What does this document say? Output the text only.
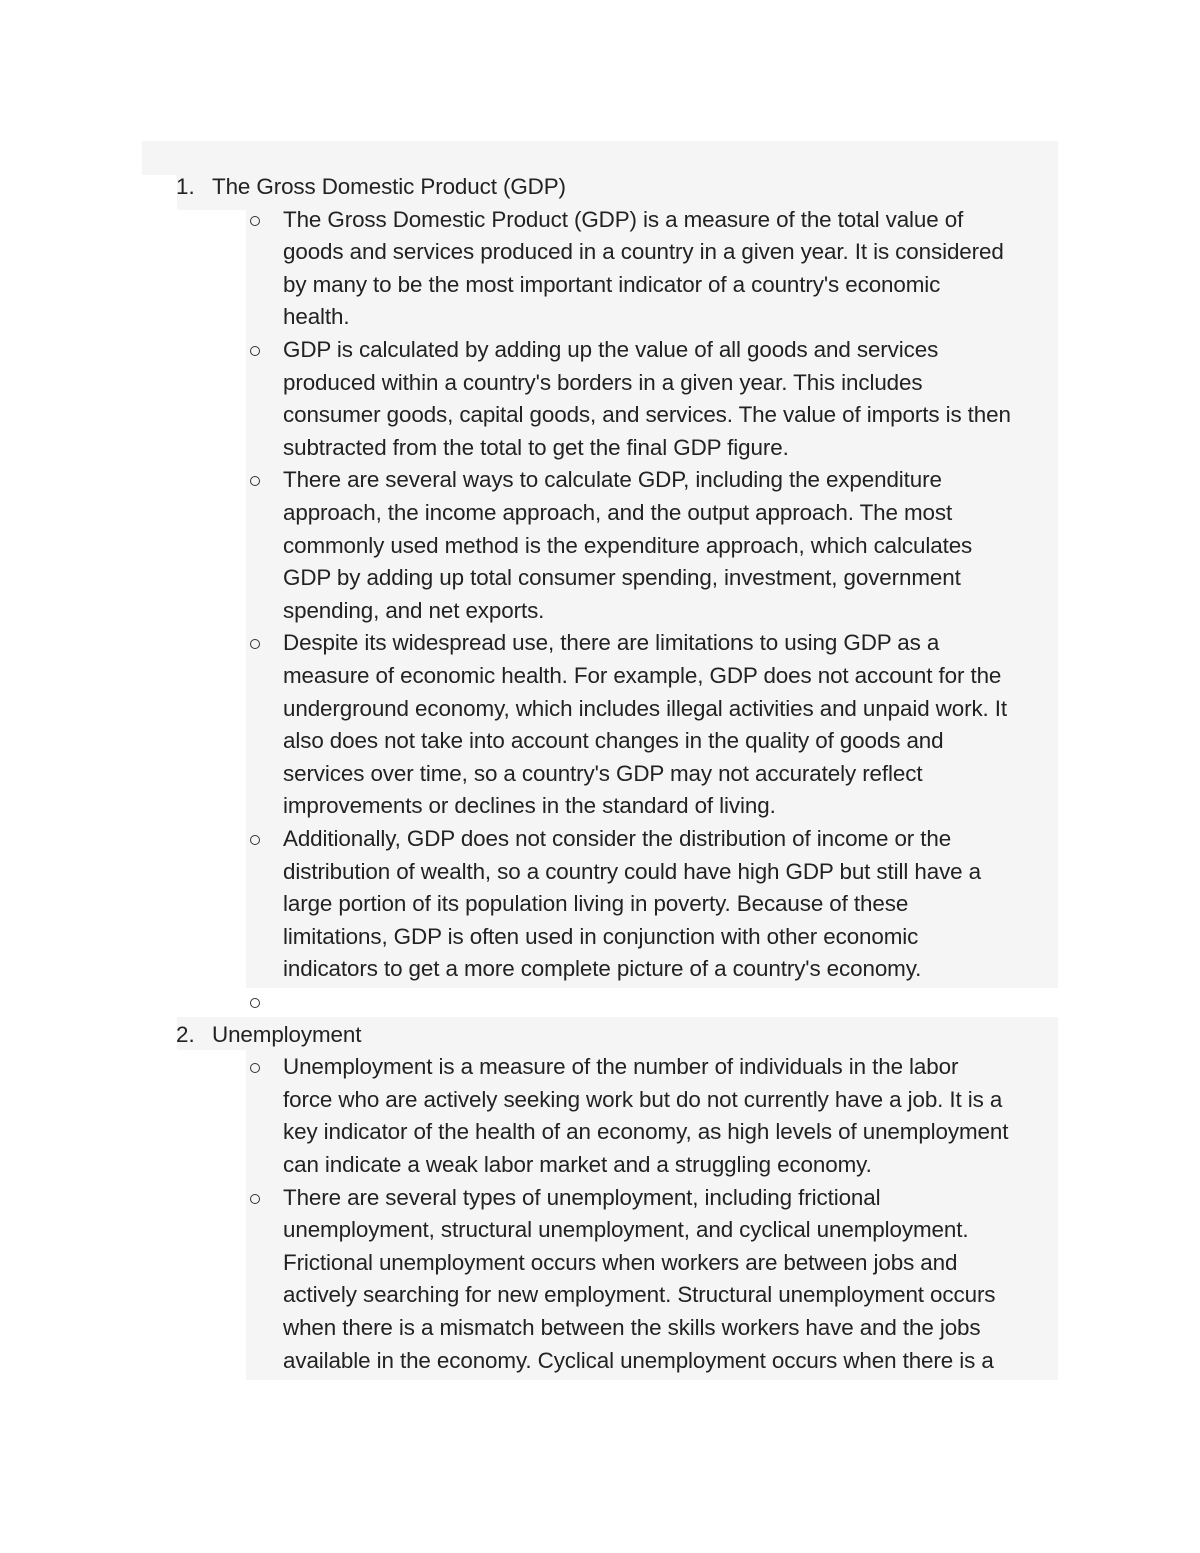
1. The Gross Domestic Product (GDP)
The Gross Domestic Product (GDP) is a measure of the total value of
goods and services produced in a country in a given year. It is considered
by many to be the most important indicator of a country's economic
health.
GDP is calculated by adding up the value of all goods and services
produced within a country's borders in a given year. This includes
consumer goods, capital goods, and services. The value of imports is then
subtracted from the total to get the final GDP figure.
There are several ways to calculate GDP, including the expenditure
approach, the income approach, and the output approach. The most
commonly used method is the expenditure approach, which calculates
GDP by adding up total consumer spending, investment, government
spending, and net exports.
Despite its widespread use, there are limitations to using GDP as a
measure of economic health. For example, GDP does not account for the
underground economy, which includes illegal activities and unpaid work. It
also does not take into account changes in the quality of goods and
services over time, so a country's GDP may not accurately reflect
improvements or declines in the standard of living.
Additionally, GDP does not consider the distribution of income or the
distribution of wealth, so a country could have high GDP but still have a
large portion of its population living in poverty. Because of these
limitations, GDP is often used in conjunction with other economic
indicators to get a more complete picture of a country's economy.
2. Unemployment
Unemployment is a measure of the number of individuals in the labor
force who are actively seeking work but do not currently have a job. It is a
key indicator of the health of an economy, as high levels of unemployment
can indicate a weak labor market and a struggling economy.
There are several types of unemployment, including frictional
unemployment, structural unemployment, and cyclical unemployment.
Frictional unemployment occurs when workers are between jobs and
actively searching for new employment. Structural unemployment occurs
when there is a mismatch between the skills workers have and the jobs
available in the economy. Cyclical unemployment occurs when there is a
